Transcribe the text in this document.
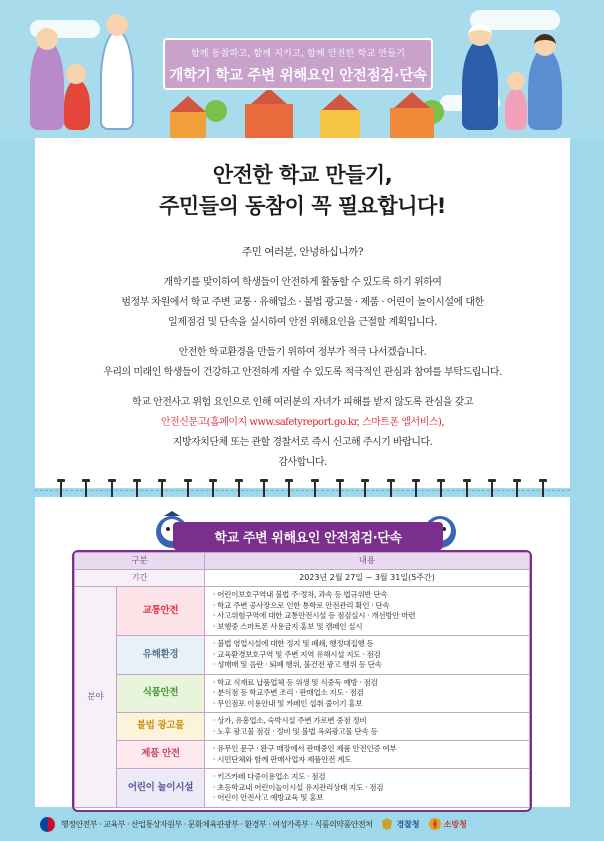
함께 동참하고, 함께 지키고, 함께 안전한 학교 만들기
개학기 학교 주변 위해요인 안전점검·단속
안전한 학교 만들기,
주민들의 동참이 꼭 필요합니다!
주민 여러분, 안녕하십니까?
개학기를 맞이하여 학생들이 안전하게 활동할 수 있도록 하기 위하여
범정부 차원에서 학교 주변 교통 · 유해업소 · 불법 광고물 · 제품 · 어린이 놀이시설에 대한
일제점검 및 단속을 실시하여 안전 위해요인을 근절할 계획입니다.
안전한 학교환경을 만들기 위하여 정부가 적극 나서겠습니다.
우리의 미래인 학생들이 건강하고 안전하게 자랄 수 있도록 적극적인 관심과 참여를 부탁드립니다.
학교 안전사고 위험 요인으로 인해 여러분의 자녀가 피해를 받지 않도록 관심을 갖고
안전신문고(홈페이지 www.safetyreport.go.kr, 스마트폰 앱서비스),
지방자치단체 또는 관할 경찰서로 즉시 신고해 주시기 바랍니다.
감사합니다.
학교 주변 위해요인 안전점검·단속
구분		내용
기간		2023년 2월 27일 ~ 3월 31일(5주간)
분야	교통안전	· 어린이보호구역내 불법 주·정차, 과속 등 법규위반 단속
· 학교 주변 공사장으로 인한 통학로 안전관리 확인 · 단속
· 사고위험구역에 대한 교통안전시설 등 점검실시 · 개선방안 마련
· 보행중 스마트폰 사용금지 홍보 및 캠페인 실시

	유해환경	· 불법 영업시설에 대한 정지 및 폐쇄, 행정대집행 등
· 교육환경보호구역 및 주변 지역 유해시설 지도 · 점검
· 성매매 및 음란 · 퇴폐 행위, 불건전 광고 행위 등 단속

	식품안전	· 학교 식재료 납품업체 등 위생 및 식중독 예방 · 점검
· 분식점 등 학교주변 조리 · 판매업소 지도 · 점검
· 무인점포 이용안내 및 카페인 섭취 줄이기 홍보

	불법 광고물	· 상가, 유흥업소, 숙박시설 주변 가로변 중점 정비
· 노후 광고물 점검 · 정비 및 불법 옥외광고물 단속 등

	제품 안전	· 유무인 문구 · 완구 매장에서 판매중인 제품 안전인증 여부
· 시민단체와 함께 판매사업자 제품안전 계도

	어린이 놀이시설	· 키즈카페 다중이용업소 지도 · 점검
· 초등학교내 어린이놀이시설 유지관리상태 지도 · 점검
· 어린이 안전사고 예방교육 및 홍보
행정안전부 · 교육부 · 산업통상자원부 · 문화체육관광부 · 환경부 · 여성가족부 · 식품의약품안전처	경찰청	소방청
